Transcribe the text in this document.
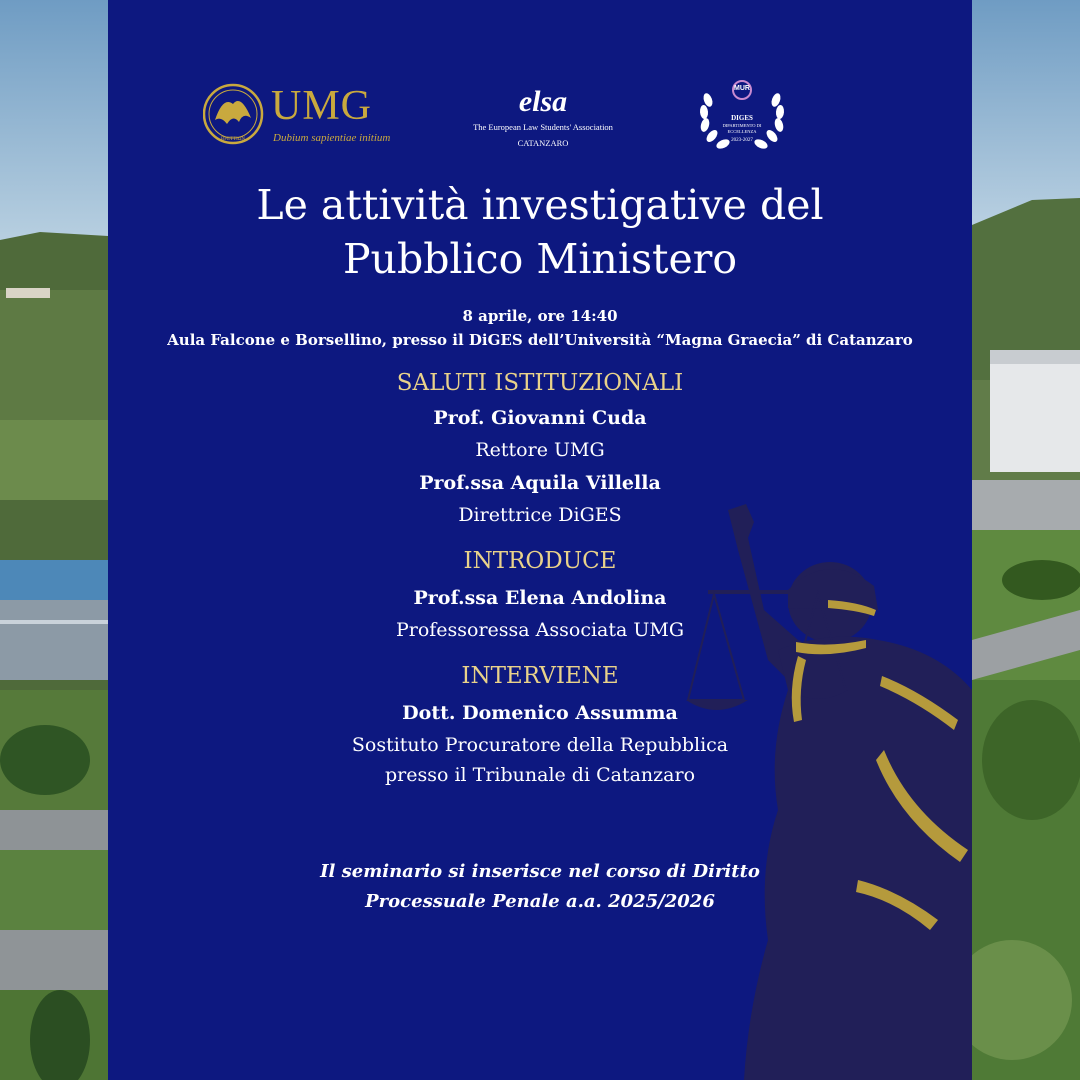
UMG
Dubium sapientiae initium
ΒΡΕΤΤΙΩΝ
elsa
The European Law Students' Association
CATANZARO
MUR
DIGES
DIPARTIMENTO DI ECCELLENZA
2023-2027
Le attività investigative del
Pubblico Ministero
8 aprile, ore 14:40
Aula Falcone e Borsellino, presso il DiGES dell’Università “Magna Graecia” di Catanzaro
SALUTI ISTITUZIONALI
Prof. Giovanni Cuda
Rettore UMG
Prof.ssa Aquila Villella
Direttrice DiGES
INTRODUCE
Prof.ssa Elena Andolina
Professoressa Associata UMG
INTERVIENE
Dott. Domenico Assumma
Sostituto Procuratore della Repubblica
presso il Tribunale di Catanzaro
Il seminario si inserisce nel corso di Diritto
Processuale Penale a.a. 2025/2026
